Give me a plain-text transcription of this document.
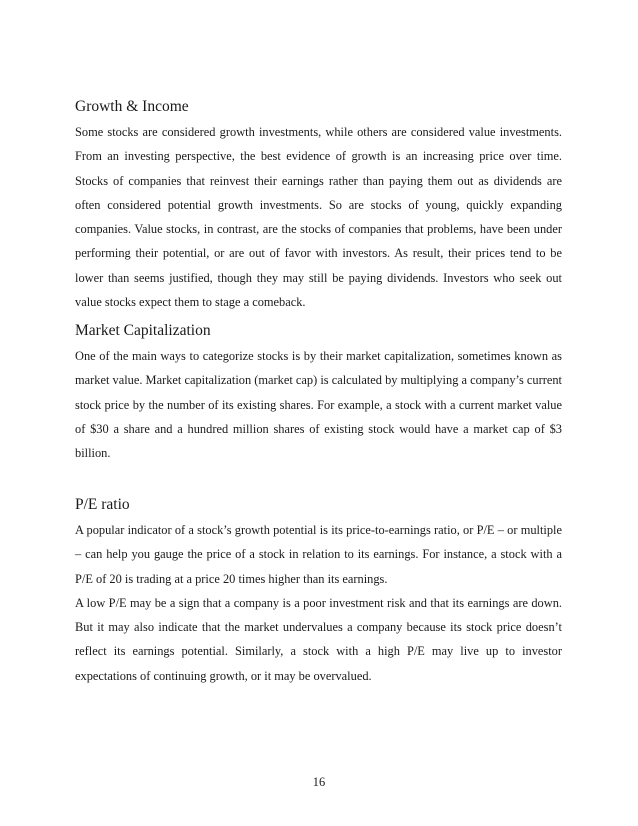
Growth & Income

Some stocks are considered growth investments, while others are considered value investments. From an investing perspective, the best evidence of growth is an increasing price over time. Stocks of companies that reinvest their earnings rather than paying them out as dividends are often considered potential growth investments. So are stocks of young, quickly expanding companies. Value stocks, in contrast, are the stocks of companies that problems, have been under performing their potential, or are out of favor with investors. As result, their prices tend to be lower than seems justified, though they may still be paying dividends. Investors who seek out value stocks expect them to stage a comeback.

Market Capitalization

One of the main ways to categorize stocks is by their market capitalization, sometimes known as market value. Market capitalization (market cap) is calculated by multiplying a company’s current stock price by the number of its existing shares. For example, a stock with a current market value of $30 a share and a hundred million shares of existing stock would have a market cap of $3 billion.

P/E ratio

A popular indicator of a stock’s growth potential is its price-to-earnings ratio, or P/E – or multiple – can help you gauge the price of a stock in relation to its earnings. For instance, a stock with a P/E of 20 is trading at a price 20 times higher than its earnings.

A low P/E may be a sign that a company is a poor investment risk and that its earnings are down. But it may also indicate that the market undervalues a company because its stock price doesn’t reflect its earnings potential. Similarly, a stock with a high P/E may live up to investor expectations of continuing growth, or it may be overvalued.

16
